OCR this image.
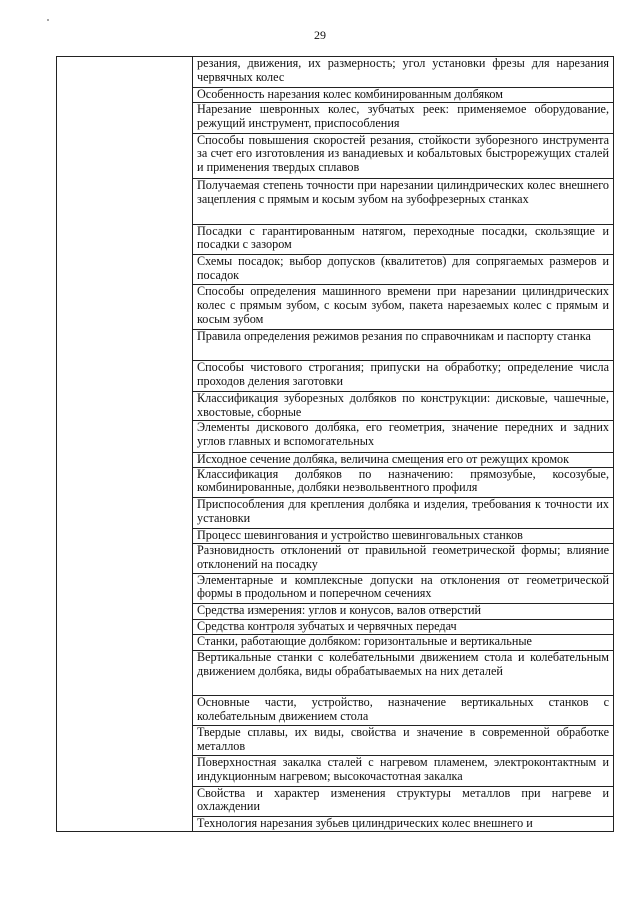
29
	резания, движения, их размерность; угол установки фрезы для нарезания червячных колес
Особенность нарезания колес комбинированным долбяком
Нарезание шевронных колес, зубчатых реек: применяемое оборудование, режущий инструмент, приспособления
Способы повышения скоростей резания, стойкости зуборезного инструмента за счет его изготовления из ванадиевых и кобальтовых быстрорежущих сталей и применения твердых сплавов
Получаемая степень точности при нарезании цилиндрических колес внешнего зацепления с прямым и косым зубом на зубофрезерных станках
Посадки с гарантированным натягом, переходные посадки, скользящие и посадки с зазором
Схемы посадок; выбор допусков (квалитетов) для сопрягаемых размеров и посадок
Способы определения машинного времени при нарезании цилиндрических колес с прямым зубом, с косым зубом, пакета нарезаемых колес с прямым и косым зубом
Правила определения режимов резания по справочникам и паспорту станка
Способы чистового строгания; припуски на обработку; определение числа проходов деления заготовки
Классификация зуборезных долбяков по конструкции: дисковые, чашечные, хвостовые, сборные
Элементы дискового долбяка, его геометрия, значение передних и задних углов главных и вспомогательных
Исходное сечение долбяка, величина смещения его от режущих кромок
Классификация долбяков по назначению: прямозубые, косозубые, комбинированные, долбяки неэвольвентного профиля
Приспособления для крепления долбяка и изделия, требования к точности их установки
Процесс шевингования и устройство шевинговальных станков
Разновидность отклонений от правильной геометрической формы; влияние отклонений на посадку
Элементарные и комплексные допуски на отклонения от геометрической формы в продольном и поперечном сечениях
Средства измерения: углов и конусов, валов отверстий
Средства контроля зубчатых и червячных передач
Станки, работающие долбяком: горизонтальные и вертикальные
Вертикальные станки с колебательными движением стола и колебательным движением долбяка, виды обрабатываемых на них деталей
Основные части, устройство, назначение вертикальных станков с колебательным движением стола
Твердые сплавы, их виды, свойства и значение в современной обработке металлов
Поверхностная закалка сталей с нагревом пламенем, электроконтактным и индукционным нагревом; высокочастотная закалка
Свойства и характер изменения структуры металлов при нагреве и охлаждении
Технология нарезания зубьев цилиндрических колес внешнего и
